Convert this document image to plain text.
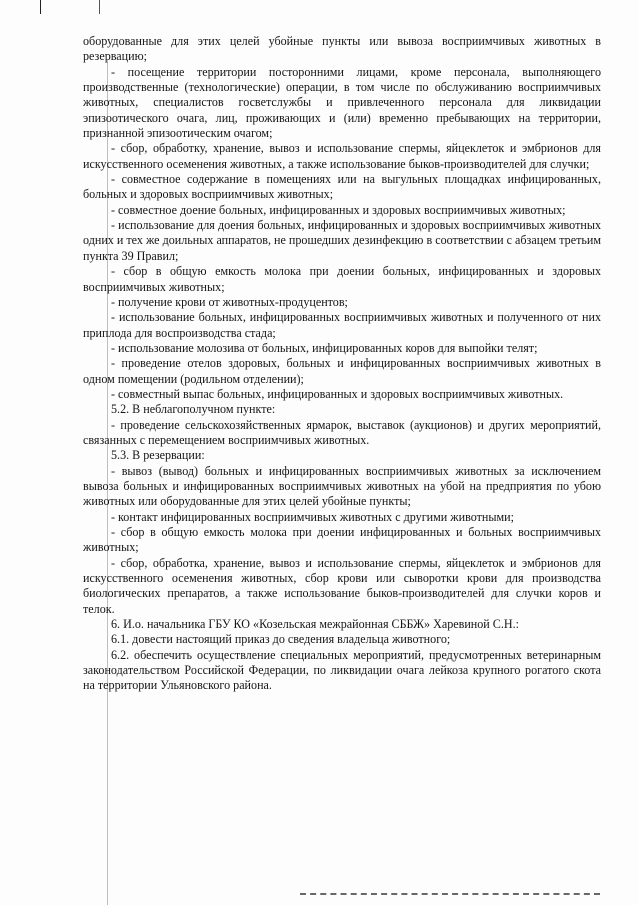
оборудованные для этих целей убойные пункты или вывоза восприимчивых животных в резервацию;

- посещение территории посторонними лицами, кроме персонала, выполняющего производственные (технологические) операции, в том числе по обслуживанию восприимчивых животных, специалистов госветслужбы и привлеченного персонала для ликвидации эпизоотического очага, лиц, проживающих и (или) временно пребывающих на территории, признанной эпизоотическим очагом;

- сбор, обработку, хранение, вывоз и использование спермы, яйцеклеток и эмбрионов для искусственного осеменения животных, а также использование быков-производителей для случки;

- совместное содержание в помещениях или на выгульных площадках инфицированных, больных и здоровых восприимчивых животных;

- совместное доение больных, инфицированных и здоровых восприимчивых животных;

- использование для доения больных, инфицированных и здоровых восприимчивых животных одних и тех же доильных аппаратов, не прошедших дезинфекцию в соответствии с абзацем третьим пункта 39 Правил;

- сбор в общую емкость молока при доении больных, инфицированных и здоровых восприимчивых животных;

- получение крови от животных-продуцентов;

- использование больных, инфицированных восприимчивых животных и полученного от них приплода для воспроизводства стада;

- использование молозива от больных, инфицированных коров для выпойки телят;

- проведение отелов здоровых, больных и инфицированных восприимчивых животных в одном помещении (родильном отделении);

- совместный выпас больных, инфицированных и здоровых восприимчивых животных.

5.2. В неблагополучном пункте:

- проведение сельскохозяйственных ярмарок, выставок (аукционов) и других мероприятий, связанных с перемещением восприимчивых животных.

5.3. В резервации:

- вывоз (вывод) больных и инфицированных восприимчивых животных за исключением вывоза больных и инфицированных восприимчивых животных на убой на предприятия по убою животных или оборудованные для этих целей убойные пункты;

- контакт инфицированных восприимчивых животных с другими животными;

- сбор в общую емкость молока при доении инфицированных и больных восприимчивых животных;

- сбор, обработка, хранение, вывоз и использование спермы, яйцеклеток и эмбрионов для искусственного осеменения животных, сбор крови или сыворотки крови для производства биологических препаратов, а также использование быков-производителей для случки коров и телок.

6. И.о. начальника ГБУ КО «Козельская межрайонная СББЖ» Харевиной С.Н.:

6.1. довести настоящий приказ до сведения владельца животного;

6.2. обеспечить осуществление специальных мероприятий, предусмотренных ветеринарным законодательством Российской Федерации, по ликвидации очага лейкоза крупного рогатого скота на территории Ульяновского района.
